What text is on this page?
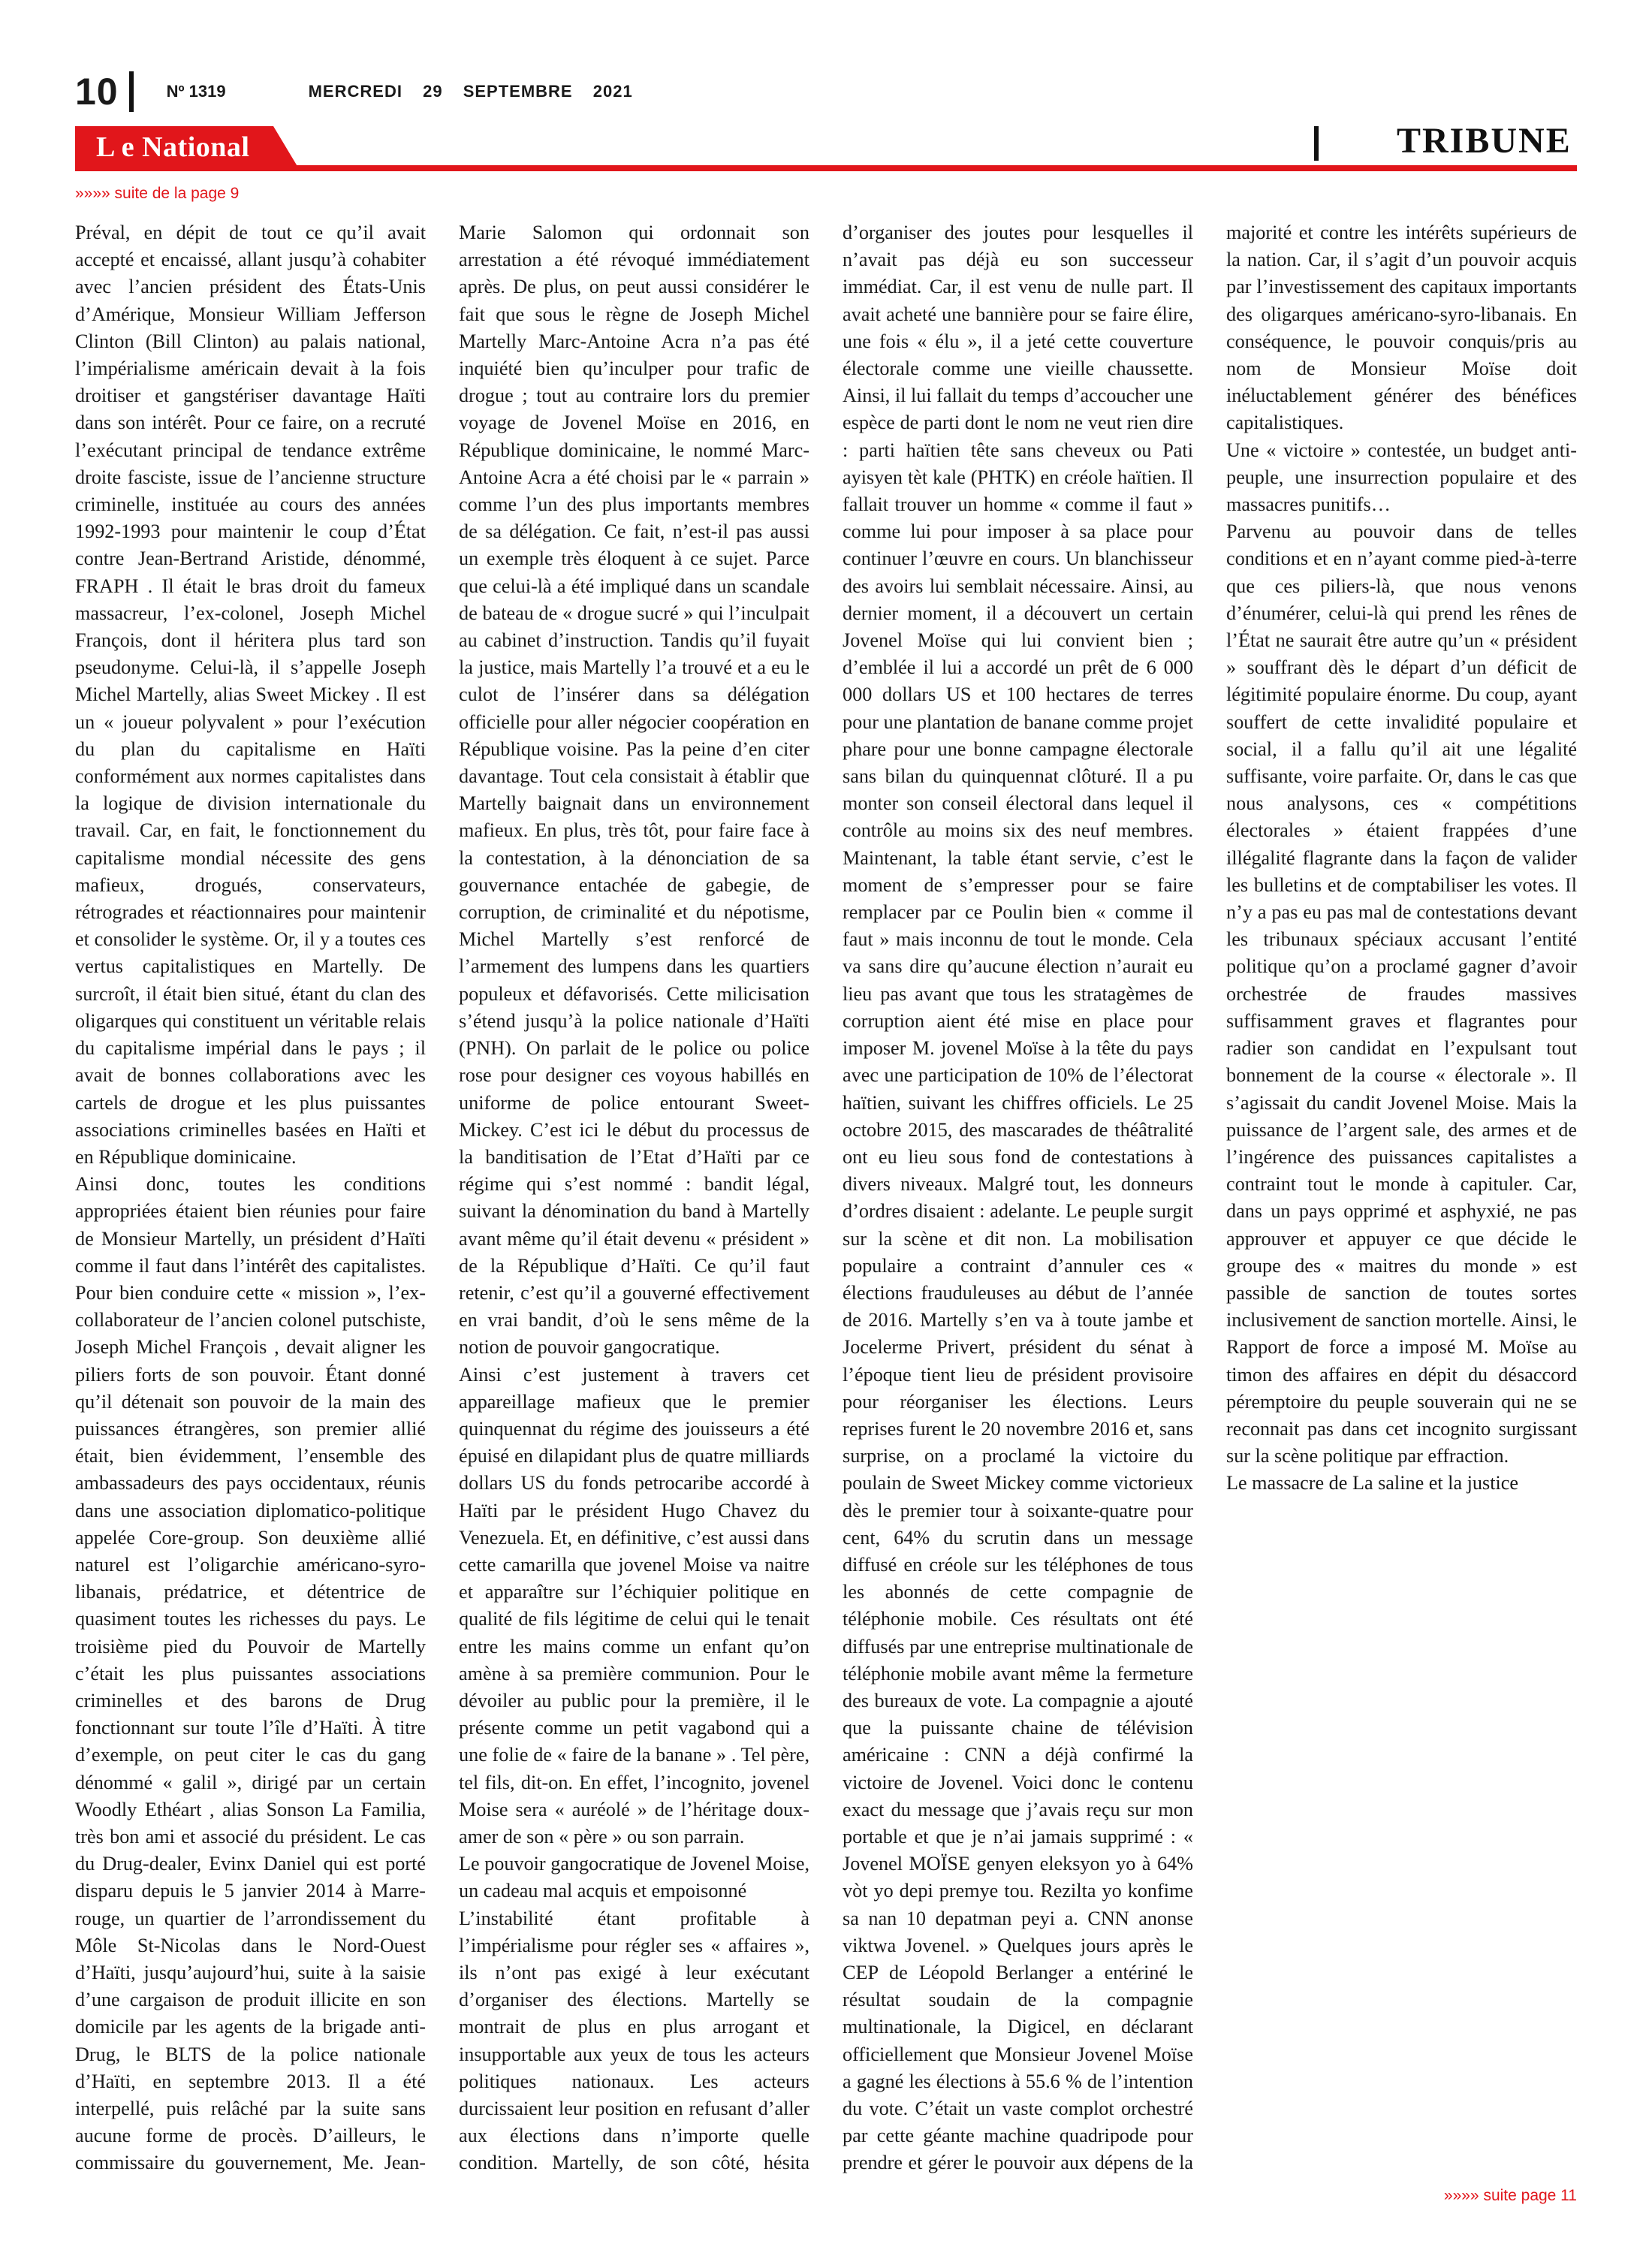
10	Nº 1319	MERCREDI 29 SEPTEMBRE 2021
L e National	TRIBUNE
»»»» suite de la page 9

Préval, en dépit de tout ce qu’il avait accepté et encaissé, allant jusqu’à cohabiter avec l’ancien président des États-Unis d’Amérique, Monsieur William Jefferson Clinton (Bill Clinton) au palais national, l’impérialisme américain devait à la fois droitiser et gangstériser davantage Haïti dans son intérêt. Pour ce faire, on a recruté l’exécutant principal de tendance extrême droite fasciste, issue de l’ancienne structure criminelle, instituée au cours des années 1992-1993 pour maintenir le coup d’État contre Jean-Bertrand Aristide, dénommé, FRAPH . Il était le bras droit du fameux massacreur, l’ex-colonel, Joseph Michel François, dont il héritera plus tard son pseudonyme. Celui-là, il s’appelle Joseph Michel Martelly, alias Sweet Mickey . Il est un « joueur polyvalent » pour l’exécution du plan du capitalisme en Haïti conformément aux normes capitalistes dans la logique de division internationale du travail. Car, en fait, le fonctionnement du capitalisme mondial nécessite des gens mafieux, drogués, conservateurs, rétrogrades et réactionnaires pour maintenir et consolider le système. Or, il y a toutes ces vertus capitalistiques en Martelly. De surcroît, il était bien situé, étant du clan des oligarques qui constituent un véritable relais du capitalisme impérial dans le pays ; il avait de bonnes collaborations avec les cartels de drogue et les plus puissantes associations criminelles basées en Haïti et en République dominicaine.

Ainsi donc, toutes les conditions appropriées étaient bien réunies pour faire de Monsieur Martelly, un président d’Haïti comme il faut dans l’intérêt des capitalistes. Pour bien conduire cette « mission », l’ex-collaborateur de l’ancien colonel putschiste, Joseph Michel François , devait aligner les piliers forts de son pouvoir. Étant donné qu’il détenait son pouvoir de la main des puissances étrangères, son premier allié était, bien évidemment, l’ensemble des ambassadeurs des pays occidentaux, réunis dans une association diplomatico-politique appelée Core-group. Son deuxième allié naturel est l’oligarchie américano-syro-libanais, prédatrice, et détentrice de quasiment toutes les richesses du pays. Le troisième pied du Pouvoir de Martelly c’était les plus puissantes associations criminelles et des barons de Drug fonctionnant sur toute l’île d’Haïti. À titre d’exemple, on peut citer le cas du gang dénommé « galil », dirigé par un certain Woodly Ethéart , alias Sonson La Familia, très bon ami et associé du président. Le cas du Drug-dealer, Evinx Daniel qui est porté disparu depuis le 5 janvier 2014 à Marre-rouge, un quartier de l’arrondissement du Môle St-Nicolas dans le Nord-Ouest d’Haïti, jusqu’aujourd’hui, suite à la saisie d’une cargaison de produit illicite en son domicile par les agents de la brigade anti-Drug, le BLTS de la police nationale d’Haïti, en septembre 2013. Il a été interpellé, puis relâché par la suite sans aucune forme de procès. D’ailleurs, le commissaire du gouvernement, Me. Jean-Marie Salomon qui ordonnait son arrestation a été révoqué immédiatement après. De plus, on peut aussi considérer le fait que sous le règne de Joseph Michel Martelly Marc-Antoine Acra n’a pas été inquiété bien qu’inculper pour trafic de drogue ; tout au contraire lors du premier voyage de Jovenel Moïse en 2016, en République dominicaine, le nommé Marc-Antoine Acra a été choisi par le « parrain » comme l’un des plus importants membres de sa délégation. Ce fait, n’est-il pas aussi un exemple très éloquent à ce sujet. Parce que celui-là a été impliqué dans un scandale de bateau de « drogue sucré » qui l’inculpait au cabinet d’instruction. Tandis qu’il fuyait la justice, mais Martelly l’a trouvé et a eu le culot de l’insérer dans sa délégation officielle pour aller négocier coopération en République voisine. Pas la peine d’en citer davantage. Tout cela consistait à établir que Martelly baignait dans un environnement mafieux. En plus, très tôt, pour faire face à la contestation, à la dénonciation de sa gouvernance entachée de gabegie, de corruption, de criminalité et du népotisme, Michel Martelly s’est renforcé de l’armement des lumpens dans les quartiers populeux et défavorisés. Cette milicisation s’étend jusqu’à la police nationale d’Haïti (PNH). On parlait de le police ou police rose pour designer ces voyous habillés en uniforme de police entourant Sweet- Mickey. C’est ici le début du processus de la banditisation de l’Etat d’Haïti par ce régime qui s’est nommé : bandit légal, suivant la dénomination du band à Martelly avant même qu’il était devenu « président » de la République d’Haïti. Ce qu’il faut retenir, c’est qu’il a gouverné effectivement en vrai bandit, d’où le sens même de la notion de pouvoir gangocratique.

Ainsi c’est justement à travers cet appareillage mafieux que le premier quinquennat du régime des jouisseurs a été épuisé en dilapidant plus de quatre milliards dollars US du fonds petrocaribe accordé à Haïti par le président Hugo Chavez du Venezuela. Et, en définitive, c’est aussi dans cette camarilla que jovenel Moise va naitre et apparaître sur l’échiquier politique en qualité de fils légitime de celui qui le tenait entre les mains comme un enfant qu’on amène à sa première communion. Pour le dévoiler au public pour la première, il le présente comme un petit vagabond qui a une folie de « faire de la banane » . Tel père, tel fils, dit-on. En effet, l’incognito, jovenel Moise sera « auréolé » de l’héritage doux-amer de son « père » ou son parrain.

Le pouvoir gangocratique de Jovenel Moise, un cadeau mal acquis et empoisonné

L’instabilité étant profitable à l’impérialisme pour régler ses « affaires », ils n’ont pas exigé à leur exécutant d’organiser des élections. Martelly se montrait de plus en plus arrogant et insupportable aux yeux de tous les acteurs politiques nationaux. Les acteurs durcissaient leur position en refusant d’aller aux élections dans n’importe quelle condition. Martelly, de son côté, hésita d’organiser des joutes pour lesquelles il n’avait pas déjà eu son successeur immédiat. Car, il est venu de nulle part. Il avait acheté une bannière pour se faire élire, une fois « élu », il a jeté cette couverture électorale comme une vieille chaussette. Ainsi, il lui fallait du temps d’accoucher une espèce de parti dont le nom ne veut rien dire : parti haïtien tête sans cheveux ou Pati ayisyen tèt kale (PHTK) en créole haïtien. Il fallait trouver un homme « comme il faut » comme lui pour imposer à sa place pour continuer l’œuvre en cours. Un blanchisseur des avoirs lui semblait nécessaire. Ainsi, au dernier moment, il a découvert un certain Jovenel Moïse qui lui convient bien ; d’emblée il lui a accordé un prêt de 6 000 000 dollars US et 100 hectares de terres pour une plantation de banane comme projet phare pour une bonne campagne électorale sans bilan du quinquennat clôturé. Il a pu monter son conseil électoral dans lequel il contrôle au moins six des neuf membres. Maintenant, la table étant servie, c’est le moment de s’empresser pour se faire remplacer par ce Poulin bien « comme il faut » mais inconnu de tout le monde. Cela va sans dire qu’aucune élection n’aurait eu lieu pas avant que tous les stratagèmes de corruption aient été mise en place pour imposer M. jovenel Moïse à la tête du pays avec une participation de 10% de l’électorat haïtien, suivant les chiffres officiels. Le 25 octobre 2015, des mascarades de théâtralité ont eu lieu sous fond de contestations à divers niveaux. Malgré tout, les donneurs d’ordres disaient : adelante. Le peuple surgit sur la scène et dit non. La mobilisation populaire a contraint d’annuler ces « élections frauduleuses au début de l’année de 2016. Martelly s’en va à toute jambe et Jocelerme Privert, président du sénat à l’époque tient lieu de président provisoire pour réorganiser les élections. Leurs reprises furent le 20 novembre 2016 et, sans surprise, on a proclamé la victoire du poulain de Sweet Mickey comme victorieux dès le premier tour à soixante-quatre pour cent, 64% du scrutin dans un message diffusé en créole sur les téléphones de tous les abonnés de cette compagnie de téléphonie mobile. Ces résultats ont été diffusés par une entreprise multinationale de téléphonie mobile avant même la fermeture des bureaux de vote. La compagnie a ajouté que la puissante chaine de télévision américaine : CNN a déjà confirmé la victoire de Jovenel. Voici donc le contenu exact du message que j’avais reçu sur mon portable et que je n’ai jamais supprimé : « Jovenel MOÏSE genyen eleksyon yo à 64% vòt yo depi premye tou. Rezilta yo konfime sa nan 10 depatman peyi a. CNN anonse viktwa Jovenel. » Quelques jours après le CEP de Léopold Berlanger a entériné le résultat soudain de la compagnie multinationale, la Digicel, en déclarant officiellement que Monsieur Jovenel Moïse a gagné les élections à 55.6 % de l’intention du vote. C’était un vaste complot orchestré par cette géante machine quadripode pour prendre et gérer le pouvoir aux dépens de la majorité et contre les intérêts supérieurs de la nation. Car, il s’agit d’un pouvoir acquis par l’investissement des capitaux importants des oligarques américano-syro-libanais. En conséquence, le pouvoir conquis/pris au nom de Monsieur Moïse doit inéluctablement générer des bénéfices capitalistiques.

Une « victoire » contestée, un budget anti-peuple, une insurrection populaire et des massacres punitifs…

Parvenu au pouvoir dans de telles conditions et en n’ayant comme pied-à-terre que ces piliers-là, que nous venons d’énumérer, celui-là qui prend les rênes de l’État ne saurait être autre qu’un « président » souffrant dès le départ d’un déficit de légitimité populaire énorme. Du coup, ayant souffert de cette invalidité populaire et social, il a fallu qu’il ait une légalité suffisante, voire parfaite. Or, dans le cas que nous analysons, ces « compétitions électorales » étaient frappées d’une illégalité flagrante dans la façon de valider les bulletins et de comptabiliser les votes. Il n’y a pas eu pas mal de contestations devant les tribunaux spéciaux accusant l’entité politique qu’on a proclamé gagner d’avoir orchestrée de fraudes massives suffisamment graves et flagrantes pour radier son candidat en l’expulsant tout bonnement de la course « électorale ». Il s’agissait du candit Jovenel Moise. Mais la puissance de l’argent sale, des armes et de l’ingérence des puissances capitalistes a contraint tout le monde à capituler. Car, dans un pays opprimé et asphyxié, ne pas approuver et appuyer ce que décide le groupe des « maitres du monde » est passible de sanction de toutes sortes inclusivement de sanction mortelle. Ainsi, le Rapport de force a imposé M. Moïse au timon des affaires en dépit du désaccord péremptoire du peuple souverain qui ne se reconnait pas dans cet incognito surgissant sur la scène politique par effraction.

Le massacre de La saline et la justice

»»»» suite page 11
